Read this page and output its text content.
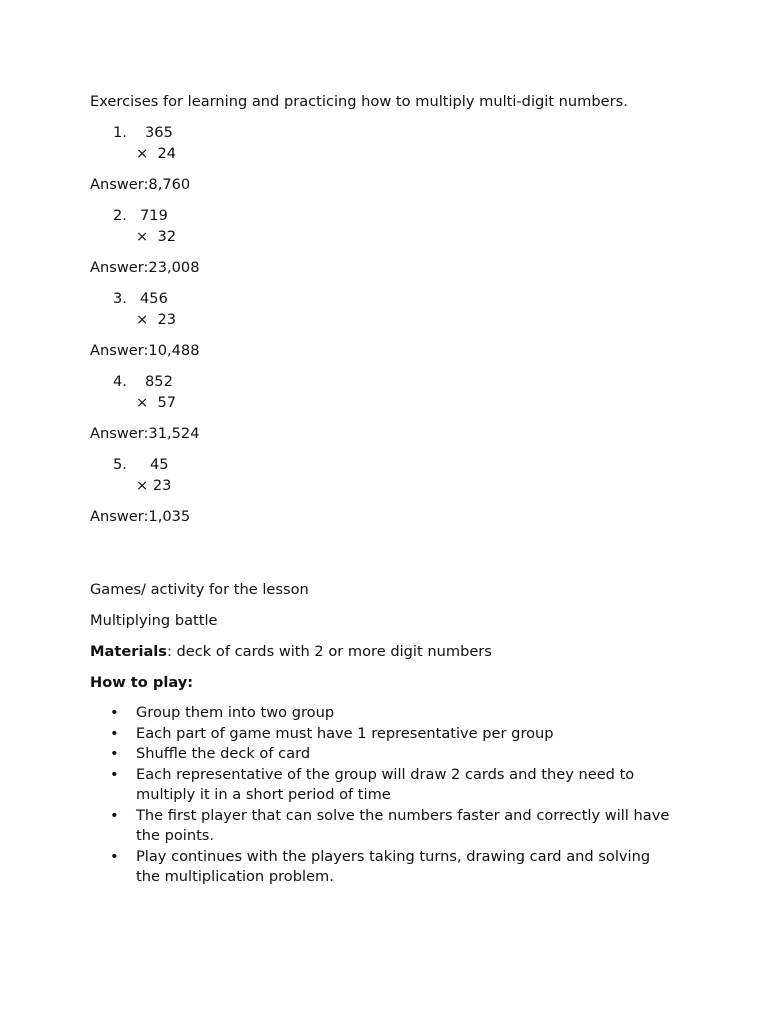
Exercises for learning and practicing how to multiply multi-digit numbers.
1. 365
×  24
Answer:8,760
2. 719
×  32
Answer:23,008
3. 456
×  23
Answer:10,488
4. 852
×  57
Answer:31,524
5. 45
× 23
Answer:1,035
Games/ activity for the lesson
Multiplying battle
Materials: deck of cards with 2 or more digit numbers
How to play:
• Group them into two group
• Each part of game must have 1 representative per group
• Shuffle the deck of card
• Each representative of the group will draw 2 cards and they need to multiply it in a short period of time
• The first player that can solve the numbers faster and correctly will have the points.
• Play continues with the players taking turns, drawing card and solving the multiplication problem.
